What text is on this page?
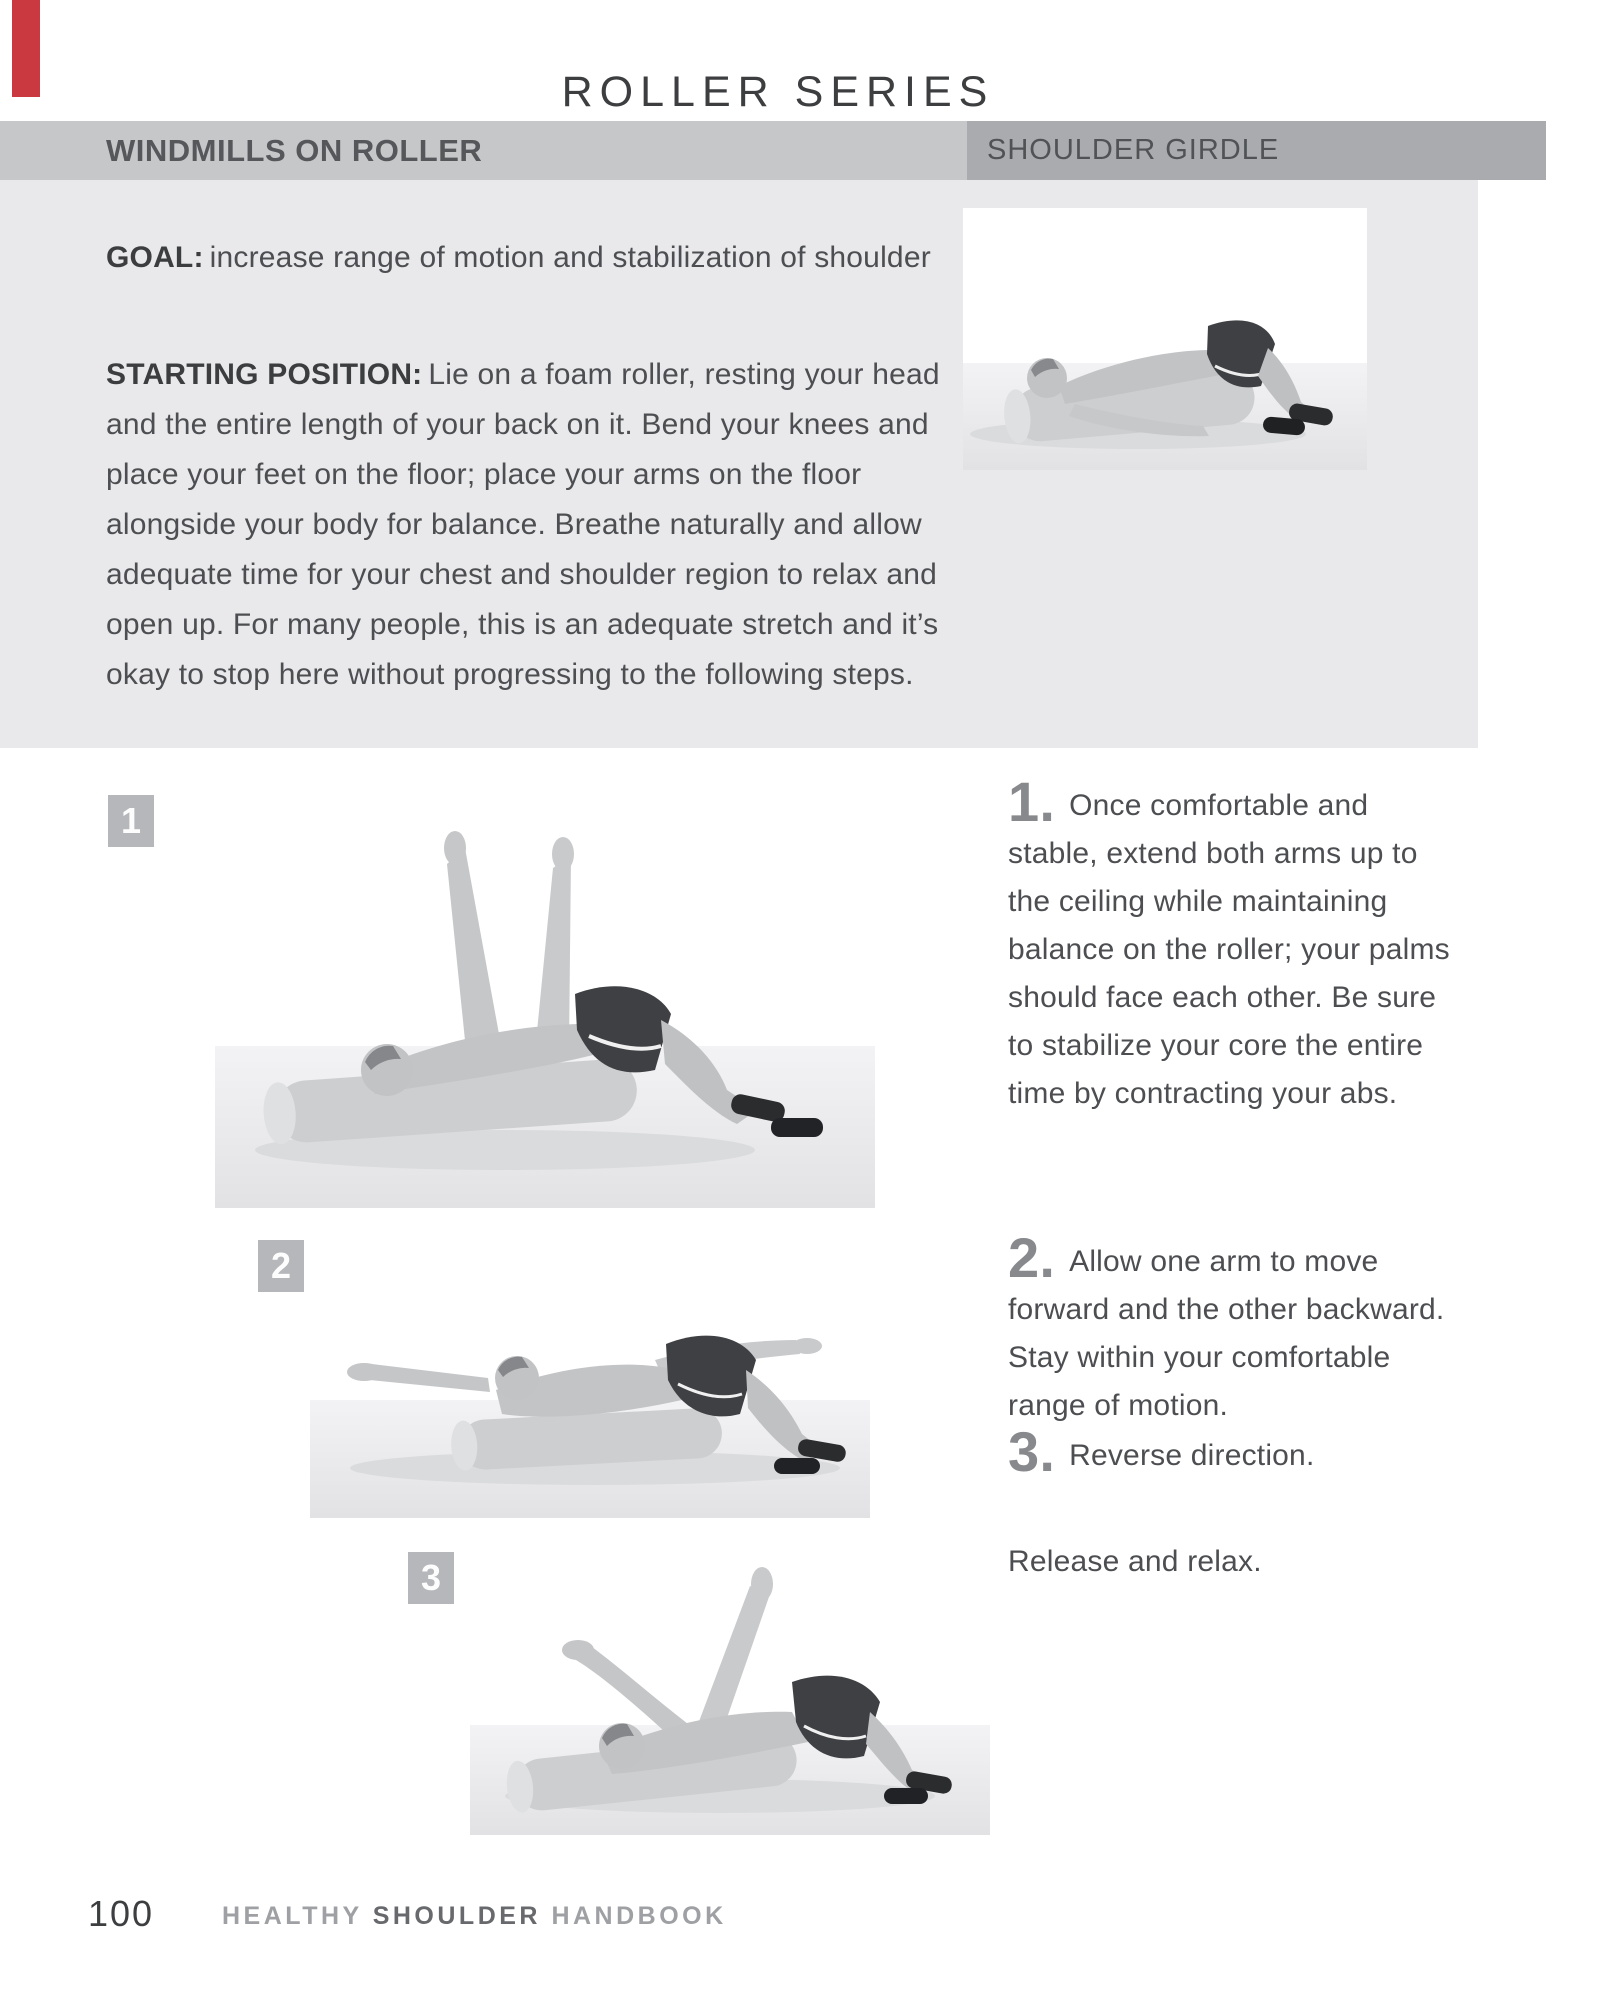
ROLLER SERIES
WINDMILLS ON ROLLER	SHOULDER GIRDLE

GOAL: increase range of motion and stabilization of shoulder

STARTING POSITION: Lie on a foam roller, resting your head and the entire length of your back on it. Bend your knees and place your feet on the floor; place your arms on the floor alongside your body for balance. Breathe naturally and allow adequate time for your chest and shoulder region to relax and open up. For many people, this is an adequate stretch and it’s okay to stop here without progressing to the following steps.

1
2
3
1. Once comfortable and stable, extend both arms up to the ceiling while maintaining balance on the roller; your palms should face each other. Be sure to stabilize your core the entire time by contracting your abs.
2. Allow one arm to move forward and the other backward. Stay within your comfortable range of motion.
3. Reverse direction.
Release and relax.
100	HEALTHY SHOULDER HANDBOOK
